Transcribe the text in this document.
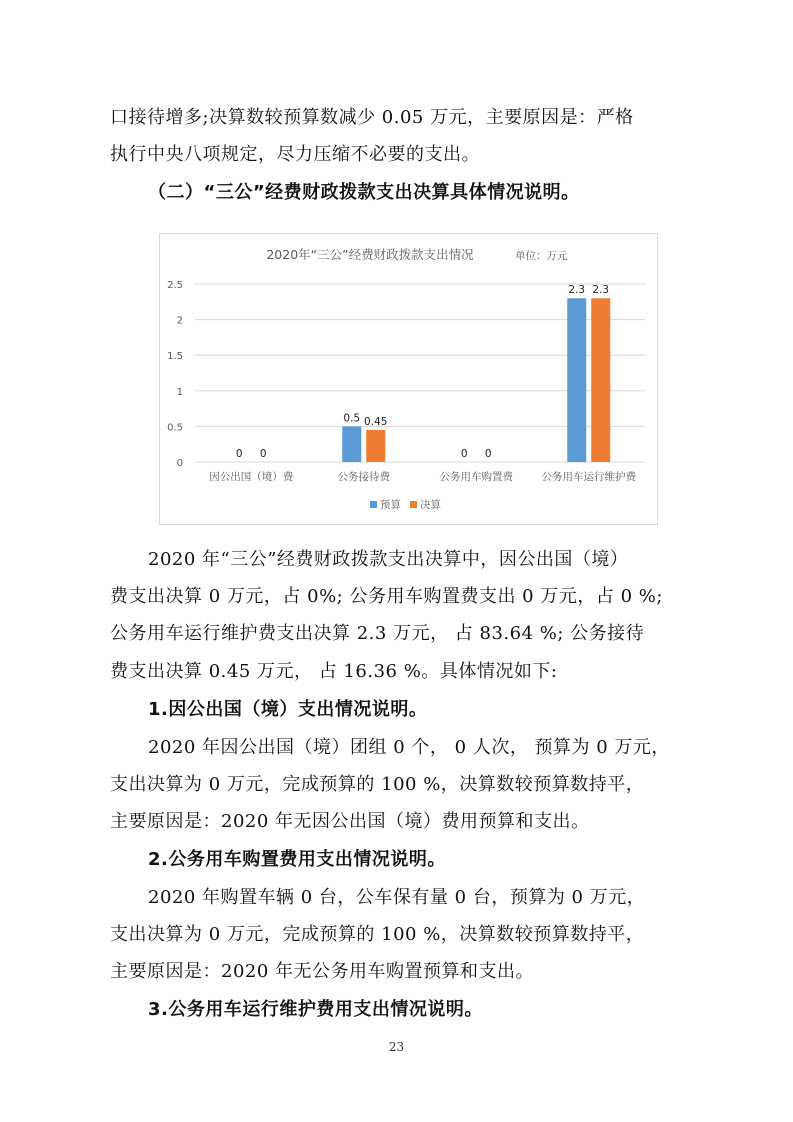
口接待增多;决算数较预算数减少 0.05 万元，主要原因是：严格
执行中央八项规定，尽力压缩不必要的支出。
（二）“三公”经费财政拨款支出决算具体情况说明。
2020年“三公”经费财政拨款支出情况	单位：万元
0
0.5
1
1.5
2
2.5
0 0
因公出国（境）费
0.5 0.45
公务接待费
0 0
公务用车购置费
2.3 2.3
公务用车运行维护费
预算 决算
2020 年“三公”经费财政拨款支出决算中，因公出国（境）
费支出决算 0 万元，占 0%; 公务用车购置费支出 0 万元，占 0 %;
公务用车运行维护费支出决算 2.3 万元， 占 83.64 %; 公务接待
费支出决算 0.45 万元， 占 16.36 %。具体情况如下:
1.因公出国（境）支出情况说明。
2020 年因公出国（境）团组 0 个， 0 人次， 预算为 0 万元，
支出决算为 0 万元，完成预算的 100 %，决算数较预算数持平，
主要原因是：2020 年无因公出国（境）费用预算和支出。
2.公务用车购置费用支出情况说明。
2020 年购置车辆 0 台，公车保有量 0 台，预算为 0 万元，
支出决算为 0 万元，完成预算的 100 %，决算数较预算数持平，
主要原因是：2020 年无公务用车购置预算和支出。
3.公务用车运行维护费用支出情况说明。
23
